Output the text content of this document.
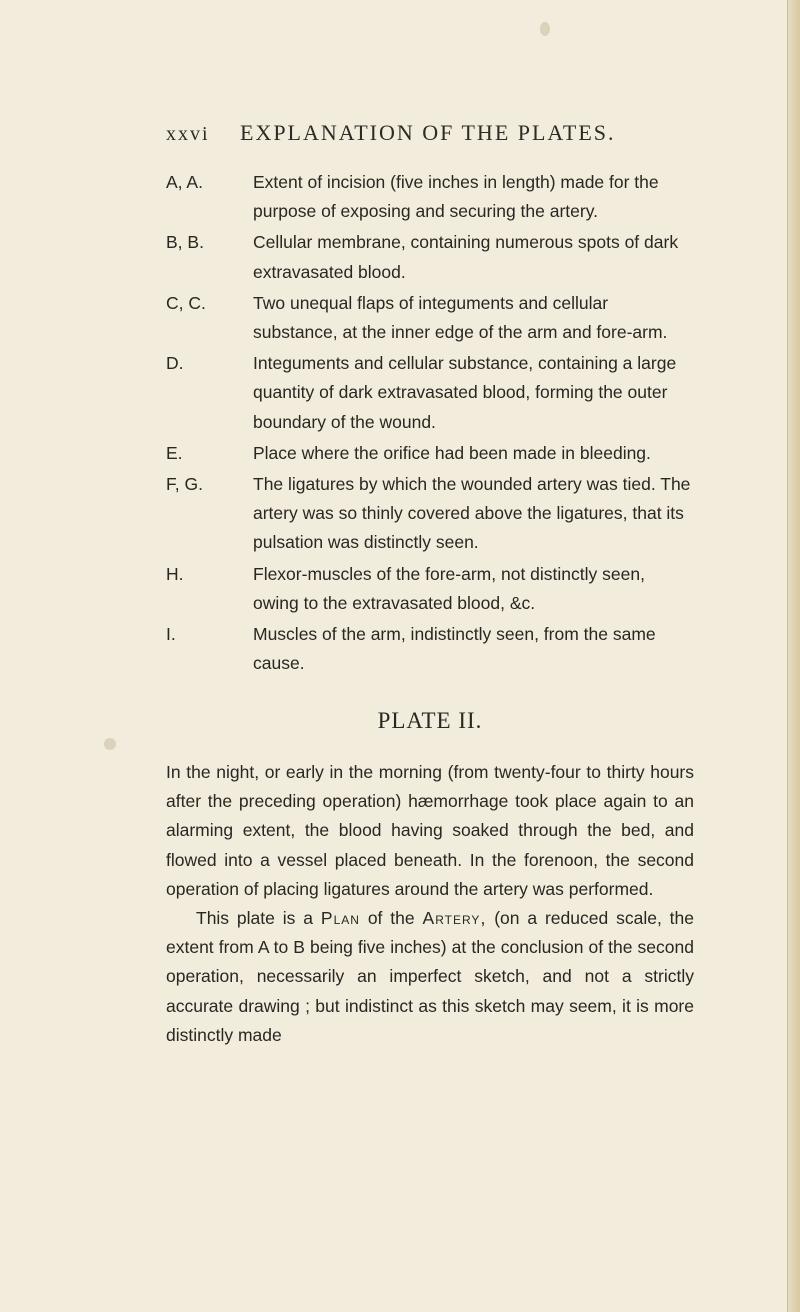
xxvi EXPLANATION OF THE PLATES.
A, A.	Extent of incision (five inches in length) made for the purpose of exposing and securing the artery.
B, B.	Cellular membrane, containing numerous spots of dark extravasated blood.
C, C.	Two unequal flaps of integuments and cellular substance, at the inner edge of the arm and fore-arm.
D.	Integuments and cellular substance, containing a large quantity of dark extravasated blood, forming the outer boundary of the wound.
E.	Place where the orifice had been made in bleeding.
F, G.	The ligatures by which the wounded artery was tied. The artery was so thinly covered above the ligatures, that its pulsation was distinctly seen.
H.	Flexor-muscles of the fore-arm, not distinctly seen, owing to the extravasated blood, &c.
I.	Muscles of the arm, indistinctly seen, from the same cause.
PLATE II.

In the night, or early in the morning (from twenty-four to thirty hours after the preceding operation) hæmorrhage took place again to an alarming extent, the blood having soaked through the bed, and flowed into a vessel placed beneath. In the forenoon, the second operation of placing ligatures around the artery was performed.

This plate is a Plan of the Artery, (on a reduced scale, the extent from A to B being five inches) at the conclusion of the second operation, necessarily an imperfect sketch, and not a strictly accurate drawing ; but indistinct as this sketch may seem, it is more distinctly made
